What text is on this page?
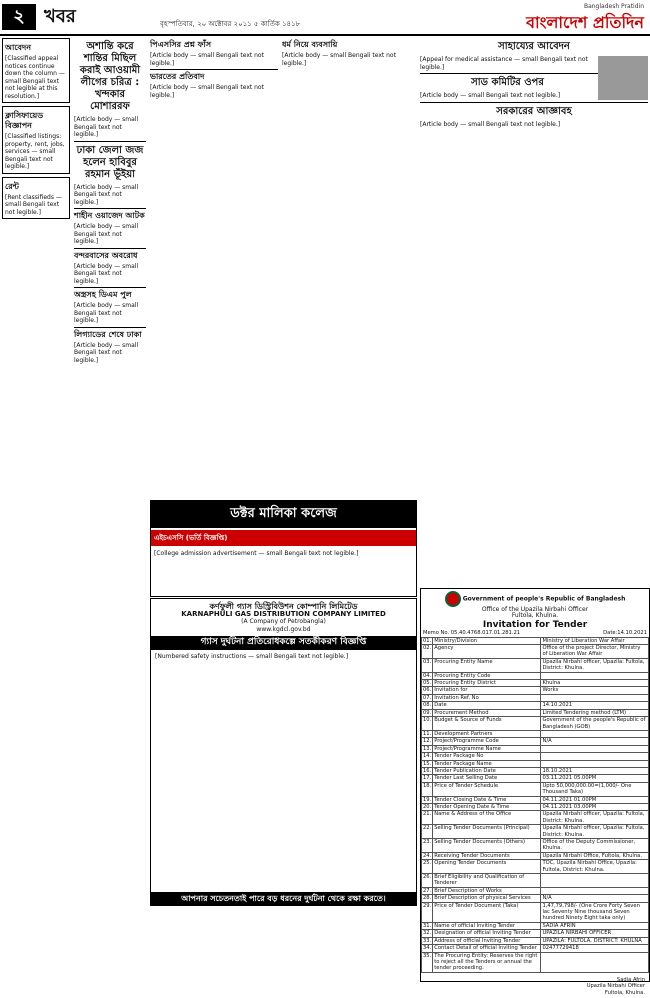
২	খবর	বৃহস্পতিবার, ২০ অক্টোবর ২০১১ ৫ কার্তিক ১৪১৮
Bangladesh Pratidin
বাংলাদেশ প্রতিদিন
আবেদন
[Classified appeal notices continue down the column — small Bengali text not legible at this resolution.]
ক্লাসিফায়েড বিজ্ঞাপন
[Classified listings: property, rent, jobs, services — small Bengali text not legible.]
রেন্ট
[Rent classifieds — small Bengali text not legible.]
অশান্তি করে শান্তির মিছিল করাই আওয়ামী লীগের চরিত্র : খন্দকার মোশাররফ
[Article body — small Bengali text not legible.]
ঢাকা জেলা জজ হলেন হাবিবুর রহমান ভূঁইয়া
[Article body — small Bengali text not legible.]
শাহীন ওয়াজেদ আটক
[Article body — small Bengali text not legible.]
বন্দরবাসের অবরোধ
[Article body — small Bengali text not legible.]
অস্ত্রসহ ডিএম পুল
[Article body — small Bengali text not legible.]
লিগ্যাডের শেষে ঢাকা
[Article body — small Bengali text not legible.]
পিএসসির প্রশ্ন ফাঁস
[Article body — small Bengali text not legible.]
ভারতের প্রতিবাদ
[Article body — small Bengali text not legible.]
ধর্ম নিয়ে ব্যবসায়ি
[Article body — small Bengali text not legible.]
সাহায্যের আবেদন
[Appeal for medical assistance — small Bengali text not legible.]
সাড কমিটির ওপর
[Article body — small Bengali text not legible.]
সরকারের আজ্ঞাবহ
[Article body — small Bengali text not legible.]
ডক্টর মালিকা কলেজ
এইচএসসি (ভর্তি বিজ্ঞপ্তি)
[College admission advertisement — small Bengali text not legible.]
কর্ণফুলী গ্যাস ডিস্ট্রিবিউশন কোম্পানি লিমিটেড
KARNAPHULI GAS DISTRIBUTION COMPANY LIMITED
(A Company of Petrobangla)
www.kgdcl.gov.bd
গ্যাস দুর্ঘটনা প্রতিরোধকল্পে সতর্কীকরণ বিজ্ঞপ্তি
[Numbered safety instructions — small Bengali text not legible.]
আপনার সচেতনতাই পারে বড় ধরনের দুর্ঘটনা থেকে রক্ষা করতে।
Government of people's Republic of Bangladesh
Office of the Upazila Nirbahi Officer
Fultola, Khulna.
Invitation for Tender
Memo No. 05.40.4768.017.01.281.21	Date:14.10.2021
01.	Ministry/Division	Ministry of Liberation War Affair
02.	Agency	Office of the project Director, Ministry of Liberation War Affair
03.	Procuring Entity Name	Upazila Nirbahi officer, Upazila: Fultola, District: Khulna.
04.	Procuring Entity Code	
05.	Procuring Entity District	Khulna
06.	Invitation for	Works
07.	Invitation Ref. No	
08.	Date	14.10.2021
09.	Procurement Method	Limited Tendering method (LTM)
10.	Budget & Source of Funds	Government of the people's Republic of Bangladesh (GOB)
11.	Development Partners	
12.	Project/Programme Code	N/A
13.	Project/Programme Name	
14.	Tender Package No	
15.	Tender Package Name	
16.	Tender Publication Date	18.10.2021
17.	Tender Last Selling Date	03.11.2021 05.00PM
18.	Price of Tender Schedule	Upto 50,000,000.00=(1,000/- One Thousand Taka)
19.	Tender Closing Date & Time	04.11.2021 01.00PM
20.	Tender Opening Date & Time	04.11.2021 03.00PM
21.	Name & Address of the Office	Upazila Nirbahi officer, Upazila: Fultola, District: Khulna.
22.	Selling Tender Documents (Principal)	Upazila Nirbahi officer, Upazila: Fultola, District: Khulna.
23.	Selling Tender Documents (Others)	Office of the Deputy Commissioner, Khulna.
24.	Receiving Tender Documents	Upazila Nirbahi Office, Fultola, Khulna.
25.	Opening Tender Documents	TOC, Upazila Nirbahi Office, Upazila: Fultola, District: Khulna.
26.	Brief Eligibility and Qualification of Tenderer	
27.	Brief Description of Works	
28.	Brief Description of physical Services	N/A
29.	Price of Tender Document (Taka)	1,47,79,798/- (One Crore Forty Seven lac Seventy Nine thousand Seven hundred Ninety Eight taka only)
31.	Name of official Inviting Tender	SADIA AFRIN
32.	Designation of official Inviting Tender	UPAZILA NIRBAHI OFFICER
33.	Address of official Inviting Tender	UPAZILA: FULTOLA, DISTRICT: KHULNA
34.	Contact Detail of official Inviting Tender	02477729418
35.	The Procuring Entity: Reserves the right to reject all the Tenders or annual the tender proceeding.	
Sadia Afrin
Upazila Nirbahi Officer
Fultola, Khulna.
